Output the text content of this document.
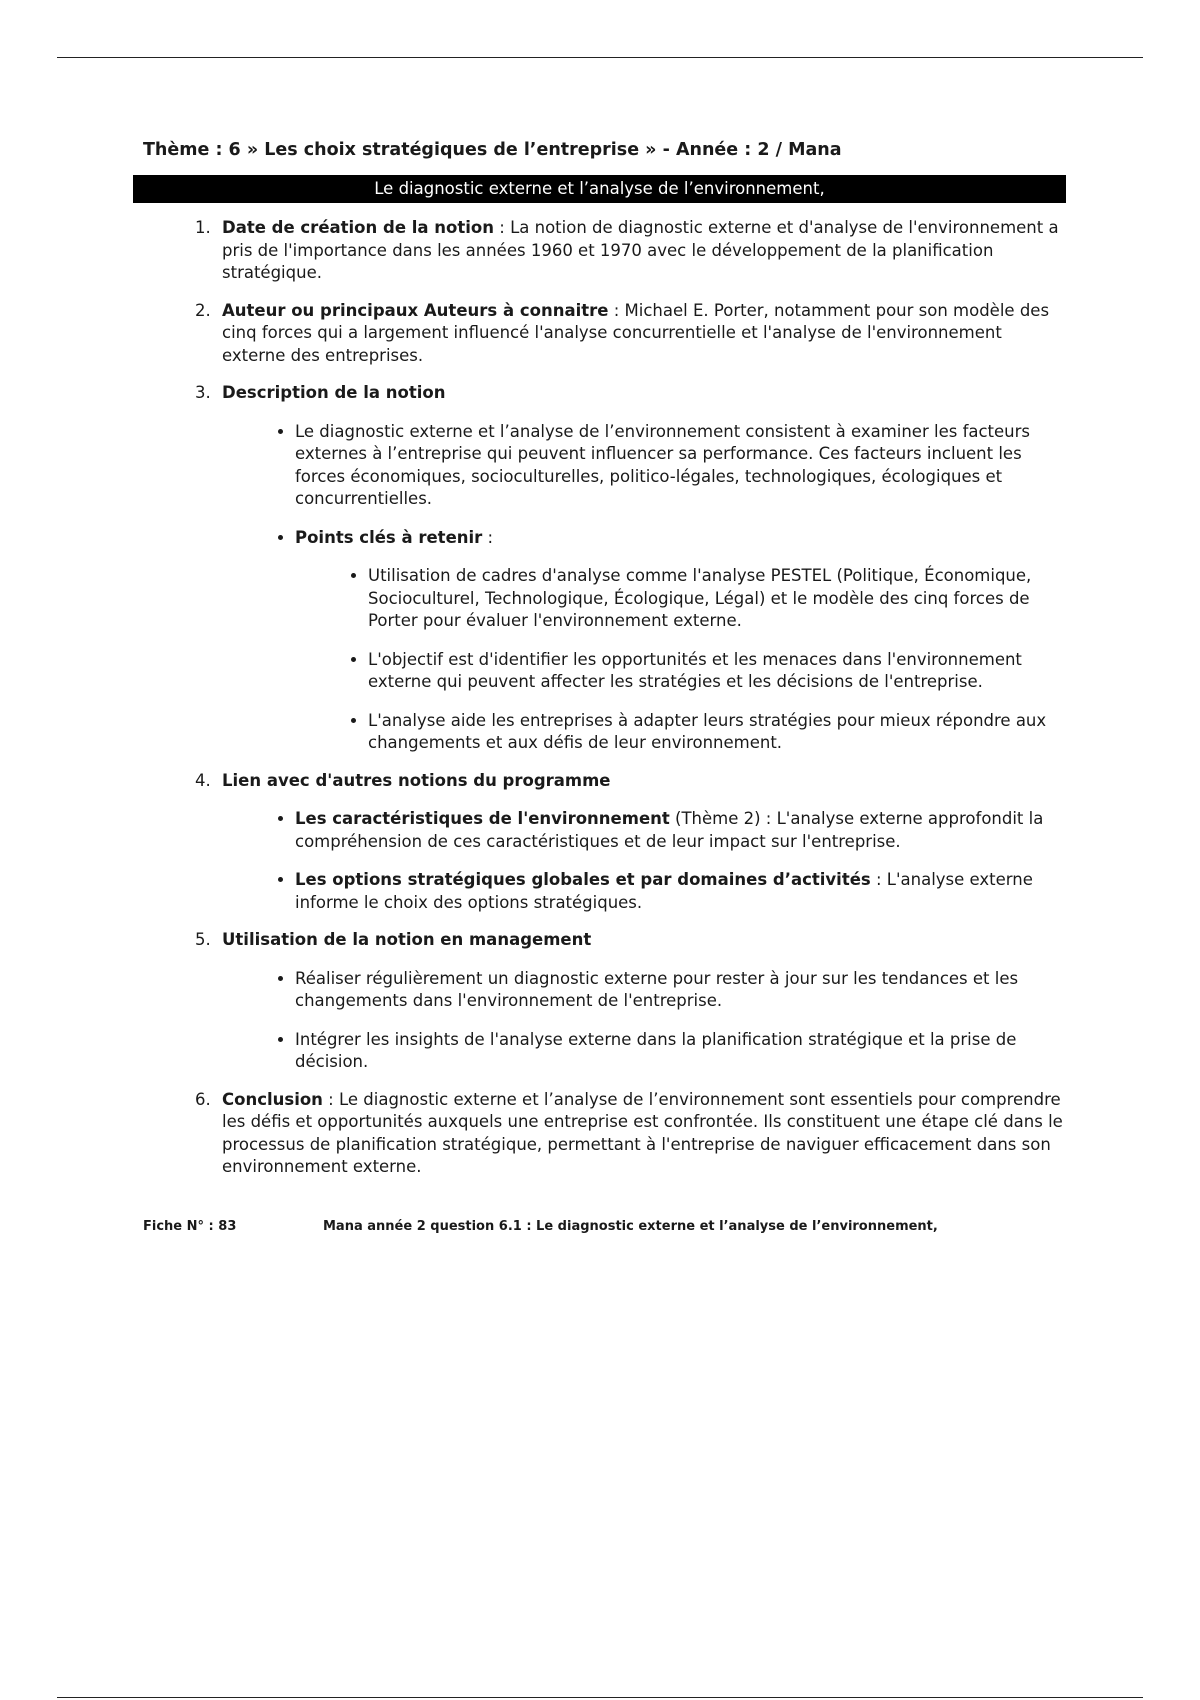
Thème : 6 » Les choix stratégiques de l’entreprise » - Année : 2 / Mana
Le diagnostic externe et l’analyse de l’environnement,
1. Date de création de la notion : La notion de diagnostic externe et d'analyse de l'environnement a pris de l'importance dans les années 1960 et 1970 avec le développement de la planification stratégique.
2. Auteur ou principaux Auteurs à connaitre : Michael E. Porter, notamment pour son modèle des cinq forces qui a largement influencé l'analyse concurrentielle et l'analyse de l'environnement externe des entreprises.
3. Description de la notion
• Le diagnostic externe et l’analyse de l’environnement consistent à examiner les facteurs externes à l’entreprise qui peuvent influencer sa performance. Ces facteurs incluent les forces économiques, socioculturelles, politico-légales, technologiques, écologiques et concurrentielles.
• Points clés à retenir :
• Utilisation de cadres d'analyse comme l'analyse PESTEL (Politique, Économique, Socioculturel, Technologique, Écologique, Légal) et le modèle des cinq forces de Porter pour évaluer l'environnement externe.
• L'objectif est d'identifier les opportunités et les menaces dans l'environnement externe qui peuvent affecter les stratégies et les décisions de l'entreprise.
• L'analyse aide les entreprises à adapter leurs stratégies pour mieux répondre aux changements et aux défis de leur environnement.
4. Lien avec d'autres notions du programme
• Les caractéristiques de l'environnement (Thème 2) : L'analyse externe approfondit la compréhension de ces caractéristiques et de leur impact sur l'entreprise.
• Les options stratégiques globales et par domaines d’activités : L'analyse externe informe le choix des options stratégiques.
5. Utilisation de la notion en management
• Réaliser régulièrement un diagnostic externe pour rester à jour sur les tendances et les changements dans l'environnement de l'entreprise.
• Intégrer les insights de l'analyse externe dans la planification stratégique et la prise de décision.
6. Conclusion : Le diagnostic externe et l’analyse de l’environnement sont essentiels pour comprendre les défis et opportunités auxquels une entreprise est confrontée. Ils constituent une étape clé dans le processus de planification stratégique, permettant à l'entreprise de naviguer efficacement dans son environnement externe.
Fiche N° : 83	Mana année 2 question 6.1 : Le diagnostic externe et l’analyse de l’environnement,
